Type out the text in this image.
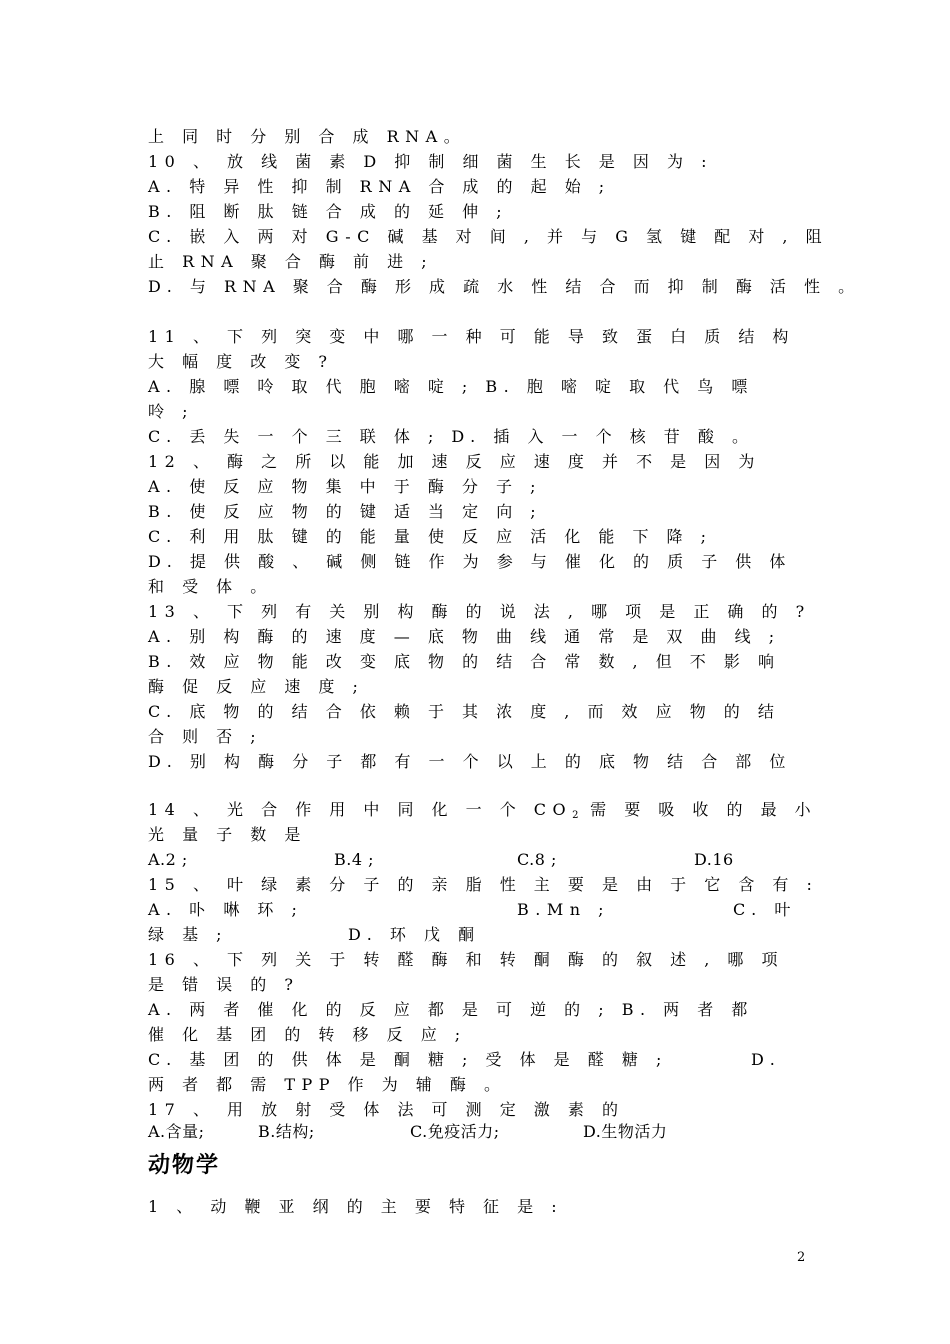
上 同 时 分 别 合 成 RNA。
10 、 放 线 菌 素 D 抑 制 细 菌 生 长 是 因 为 :
A. 特 异 性 抑 制 RNA 合 成 的 起 始 ;
B. 阻 断 肽 链 合 成 的 延 伸 ;
C. 嵌 入 两 对 G-C 碱 基 对 间 , 并 与 G 氢 键 配 对 , 阻
止 RNA 聚 合 酶 前 进 ;
D. 与 RNA 聚 合 酶 形 成 疏 水 性 结 合 而 抑 制 酶 活 性 。
11 、 下 列 突 变 中 哪 一 种 可 能 导 致 蛋 白 质 结 构
大 幅 度 改 变 ?
A. 腺 嘌 呤 取 代 胞 嘧 啶 ; B. 胞 嘧 啶 取 代 鸟 嘌
呤 ;
C. 丢 失 一 个 三 联 体 ; D. 插 入 一 个 核 苷 酸 。
12 、 酶 之 所 以 能 加 速 反 应 速 度 并 不 是 因 为
A. 使 反 应 物 集 中 于 酶 分 子 ;
B. 使 反 应 物 的 键 适 当 定 向 ;
C. 利 用 肽 键 的 能 量 使 反 应 活 化 能 下 降 ;
D. 提 供 酸 、 碱 侧 链 作 为 参 与 催 化 的 质 子 供 体
和 受 体 。
13 、 下 列 有 关 别 构 酶 的 说 法 , 哪 项 是 正 确 的 ?
A. 别 构 酶 的 速 度 — 底 物 曲 线 通 常 是 双 曲 线 ;
B. 效 应 物 能 改 变 底 物 的 结 合 常 数 , 但 不 影 响
酶 促 反 应 速 度 ;
C. 底 物 的 结 合 依 赖 于 其 浓 度 , 而 效 应 物 的 结
合 则 否 ;
D. 别 构 酶 分 子 都 有 一 个 以 上 的 底 物 结 合 部 位
14 、 光 合 作 用 中 同 化 一 个 $CO_2$ 需 要 吸 收 的 最 小
光 量 子 数 是
A.2 ;	B.4 ;	C.8 ;	D.16
15 、 叶 绿 素 分 子 的 亲 脂 性 主 要 是 由 于 它 含 有 :
A. 卟 啉 环 ;	B.Mn ;	C. 叶
绿 基 ;	D. 环 戊 酮
16 、 下 列 关 于 转 醛 酶 和 转 酮 酶 的 叙 述 , 哪 项
是 错 误 的 ?
A. 两 者 催 化 的 反 应 都 是 可 逆 的 ; B. 两 者 都
催 化 基 团 的 转 移 反 应 ;
C. 基 团 的 供 体 是 酮 糖 ; 受 体 是 醛 糖 ;	D.
两 者 都 需 TPP 作 为 辅 酶 。
17 、 用 放 射 受 体 法 可 测 定 激 素 的
A.含量;	B.结构;	C.免疫活力;	D.生物活力
动物学
1 、 动 鞭 亚 纲 的 主 要 特 征 是 :
2
